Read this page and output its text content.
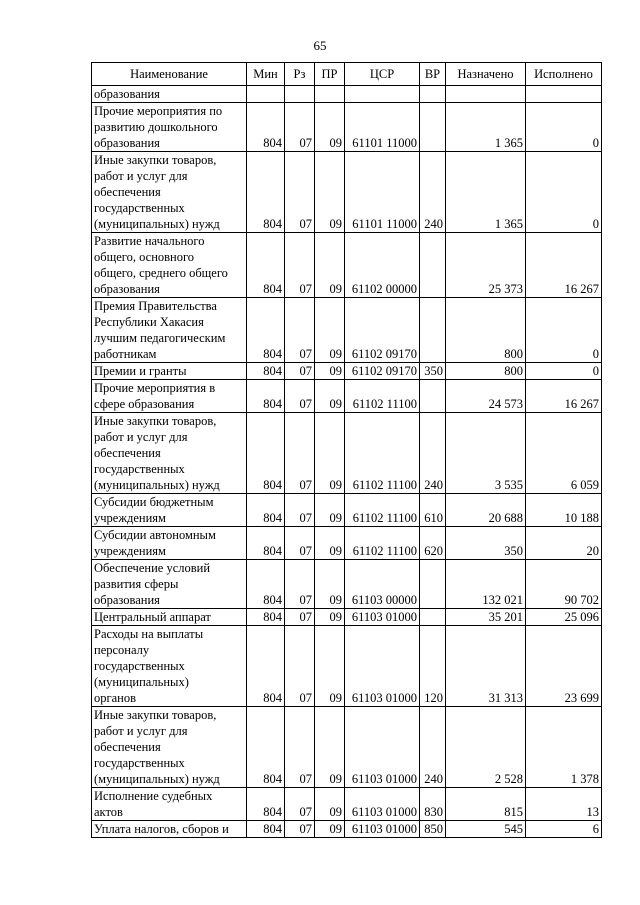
65
Наименование	Мин	Рз	ПР	ЦСР	ВР	Назначено	Исполнено

образования							

Прочие мероприятия по
развитию дошкольного
образования	804	07	09	61101 11000		1 365	0

Иные закупки товаров,
работ и услуг для
обеспечения
государственных
(муниципальных) нужд	804	07	09	61101 11000	240	1 365	0

Развитие начального
общего, основного
общего, среднего общего
образования	804	07	09	61102 00000		25 373	16 267

Премия Правительства
Республики Хакасия
лучшим педагогическим
работникам	804	07	09	61102 09170		800	0

Премии и гранты	804	07	09	61102 09170	350	800	0

Прочие мероприятия в
сфере образования	804	07	09	61102 11100		24 573	16 267

Иные закупки товаров,
работ и услуг для
обеспечения
государственных
(муниципальных) нужд	804	07	09	61102 11100	240	3 535	6 059

Субсидии бюджетным
учреждениям	804	07	09	61102 11100	610	20 688	10 188

Субсидии автономным
учреждениям	804	07	09	61102 11100	620	350	20

Обеспечение условий
развития сферы
образования	804	07	09	61103 00000		132 021	90 702

Центральный аппарат	804	07	09	61103 01000		35 201	25 096

Расходы на выплаты
персоналу
государственных
(муниципальных)
органов	804	07	09	61103 01000	120	31 313	23 699

Иные закупки товаров,
работ и услуг для
обеспечения
государственных
(муниципальных) нужд	804	07	09	61103 01000	240	2 528	1 378

Исполнение судебных
актов	804	07	09	61103 01000	830	815	13

Уплата налогов, сборов и	804	07	09	61103 01000	850	545	6
